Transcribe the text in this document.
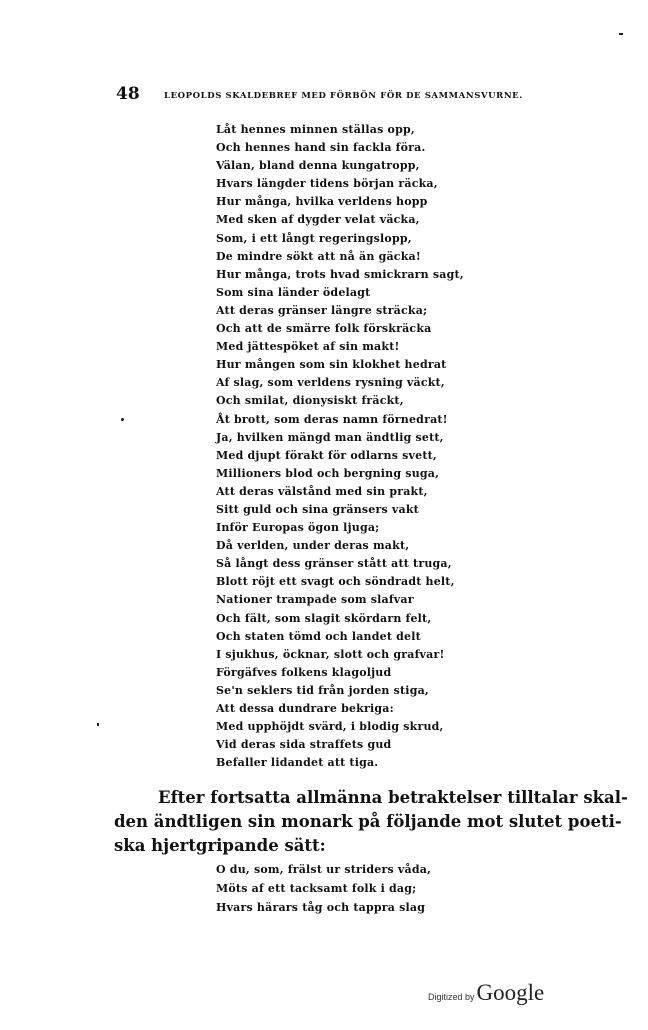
48	LEOPOLDS SKALDEBREF MED FÖRBÖN FÖR DE SAMMANSVURNE.
Låt hennes minnen ställas opp,
Och hennes hand sin fackla föra.
Välan, bland denna kungatropp,
Hvars längder tidens början räcka,
Hur många, hvilka verldens hopp
Med sken af dygder velat väcka,
Som, i ett långt regeringslopp,
De mindre sökt att nå än gäcka!
Hur många, trots hvad smickrarn sagt,
Som sina länder ödelagt
Att deras gränser längre sträcka;
Och att de smärre folk förskräcka
Med jättespöket af sin makt!
Hur mången som sin klokhet hedrat
Af slag, som verldens rysning väckt,
Och smilat, dionysiskt fräckt,
Åt brott, som deras namn förnedrat!
Ja, hvilken mängd man ändtlig sett,
Med djupt förakt för odlarns svett,
Millioners blod och bergning suga,
Att deras välstånd med sin prakt,
Sitt guld och sina gränsers vakt
Inför Europas ögon ljuga;
Då verlden, under deras makt,
Så långt dess gränser stått att truga,
Blott röjt ett svagt och söndradt helt,
Nationer trampade som slafvar
Och fält, som slagit skördarn felt,
Och staten tömd och landet delt
I sjukhus, öcknar, slott och grafvar!
Förgäfves folkens klagoljud
Se'n seklers tid från jorden stiga,
Att dessa dundrare bekriga:
Med upphöjdt svärd, i blodig skrud,
Vid deras sida straffets gud
Befaller lidandet att tiga.
Efter fortsatta allmänna betraktelser tilltalar skal-
den ändtligen sin monark på följande mot slutet poeti-
ska hjertgripande sätt:
O du, som, frälst ur striders våda,
Möts af ett tacksamt folk i dag;
Hvars härars tåg och tappra slag
Digitized by Google
